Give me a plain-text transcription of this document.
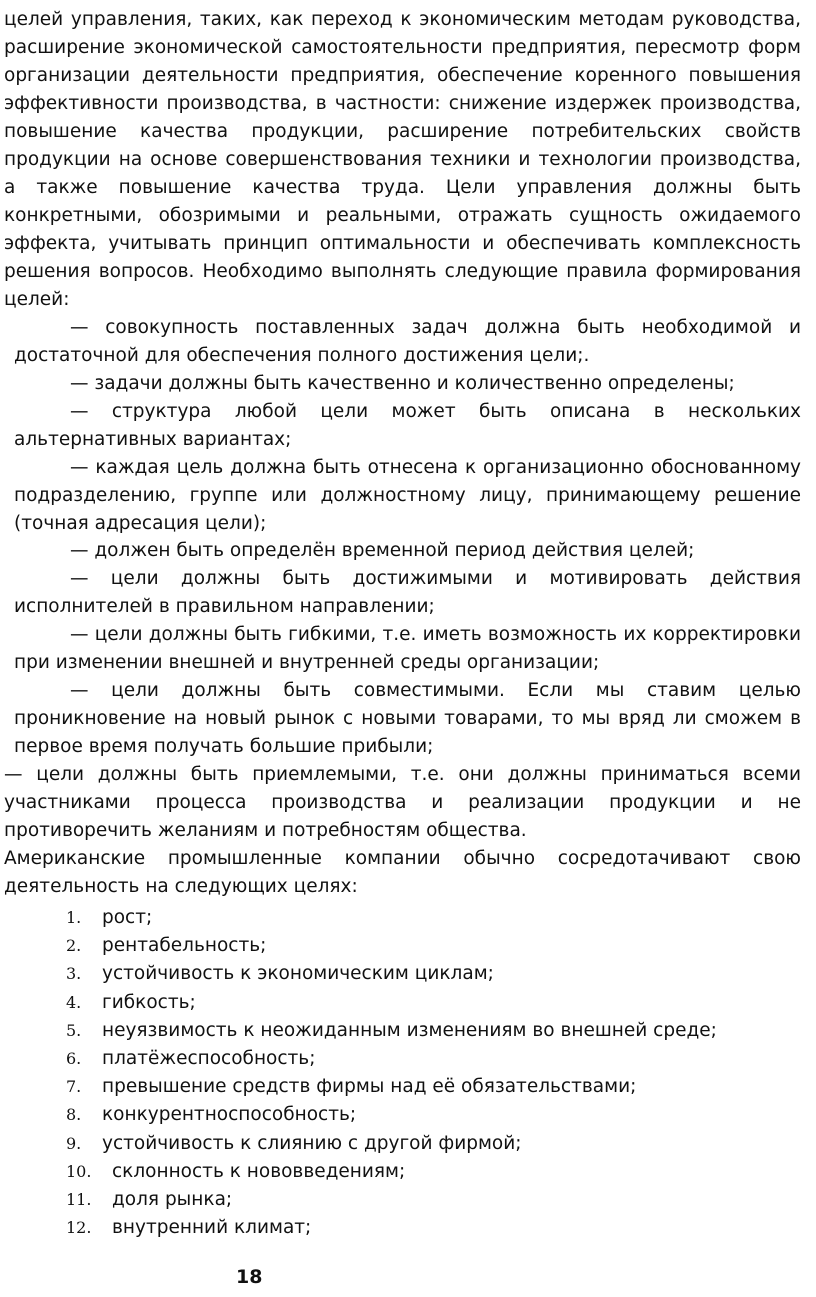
целей управления, таких, как переход к экономическим методам руководства, расширение экономической самостоятельности предприятия, пересмотр форм организации деятельности предприятия, обеспечение коренного повышения эффективности производства, в частности: снижение издержек производства, повышение качества продукции, расширение потребительских свойств продукции на основе совершенствования техники и технологии производства, а также повышение качества труда. Цели управления должны быть конкретными, обозримыми и реальными, отражать сущность ожидаемого эффекта, учитывать принцип оптимальности и обеспечивать комплексность решения вопросов. Необходимо выполнять следующие правила формирования целей:

— совокупность поставленных задач должна быть необходимой и достаточной для обеспечения полного достижения цели;.

— задачи должны быть качественно и количественно определены;

— структура любой цели может быть описана в нескольких альтернативных вариантах;

— каждая цель должна быть отнесена к организационно обоснованному подразделению, группе или должностному лицу, принимающему решение (точная адресация цели);

— должен быть определён временной период действия целей;

— цели должны быть достижимыми и мотивировать действия исполнителей в правильном направлении;

— цели должны быть гибкими, т.е. иметь возможность их корректировки при изменении внешней и внутренней среды организации;

— цели должны быть совместимыми. Если мы ставим целью проникновение на новый рынок с новыми товарами, то мы вряд ли сможем в первое время получать большие прибыли;

— цели должны быть приемлемыми, т.е. они должны приниматься всеми участниками процесса производства и реализации продукции и не противоречить желаниям и потребностям общества.

Американские промышленные компании обычно сосредотачивают свою деятельность на следующих целях:

1. рост;
2. рентабельность;
3. устойчивость к экономическим циклам;
4. гибкость;
5. неуязвимость к неожиданным изменениям во внешней среде;
6. платёжеспособность;
7. превышение средств фирмы над её обязательствами;
8. конкурентноспособность;
9. устойчивость к слиянию с другой фирмой;
10. склонность к нововведениям;
11. доля рынка;
12. внутренний климат;
18
